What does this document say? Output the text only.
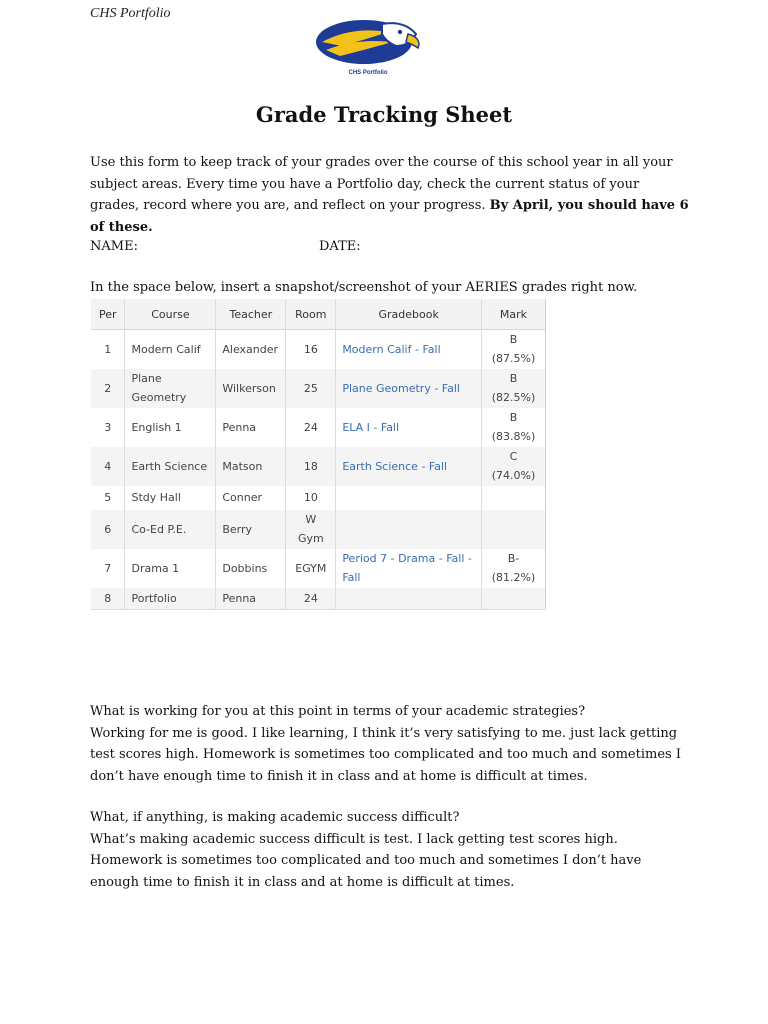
CHS Portfolio
CHS Portfolio
Grade Tracking Sheet
Use this form to keep track of your grades over the course of this school year in all your subject areas. Every time you have a Portfolio day, check the current status of your grades, record where you are, and reflect on your progress. By April, you should have 6 of these.
NAME:	DATE:
In the space below, insert a snapshot/screenshot of your AERIES grades right now.
Per	Course	Teacher	Room	Gradebook	Mark
1	Modern Calif	Alexander	16	Modern Calif - Fall	B (87.5%)
2	Plane Geometry	Wilkerson	25	Plane Geometry - Fall	B (82.5%)
3	English 1	Penna	24	ELA I - Fall	B (83.8%)
4	Earth Science	Matson	18	Earth Science - Fall	C (74.0%)
5	Stdy Hall	Conner	10		
6	Co-Ed P.E.	Berry	W Gym		
7	Drama 1	Dobbins	EGYM	Period 7 - Drama - Fall - Fall	B- (81.2%)
8	Portfolio	Penna	24		
What is working for you at this point in terms of your academic strategies?
Working for me is good. I like learning, I think it’s very satisfying to me. just lack getting test scores high. Homework is sometimes too complicated and too much and sometimes I don’t have enough time to finish it in class and at home is difficult at times.
What, if anything, is making academic success difficult?
What’s making academic success difficult is test. I lack getting test scores high. Homework is sometimes too complicated and too much and sometimes I don’t have enough time to finish it in class and at home is difficult at times.
